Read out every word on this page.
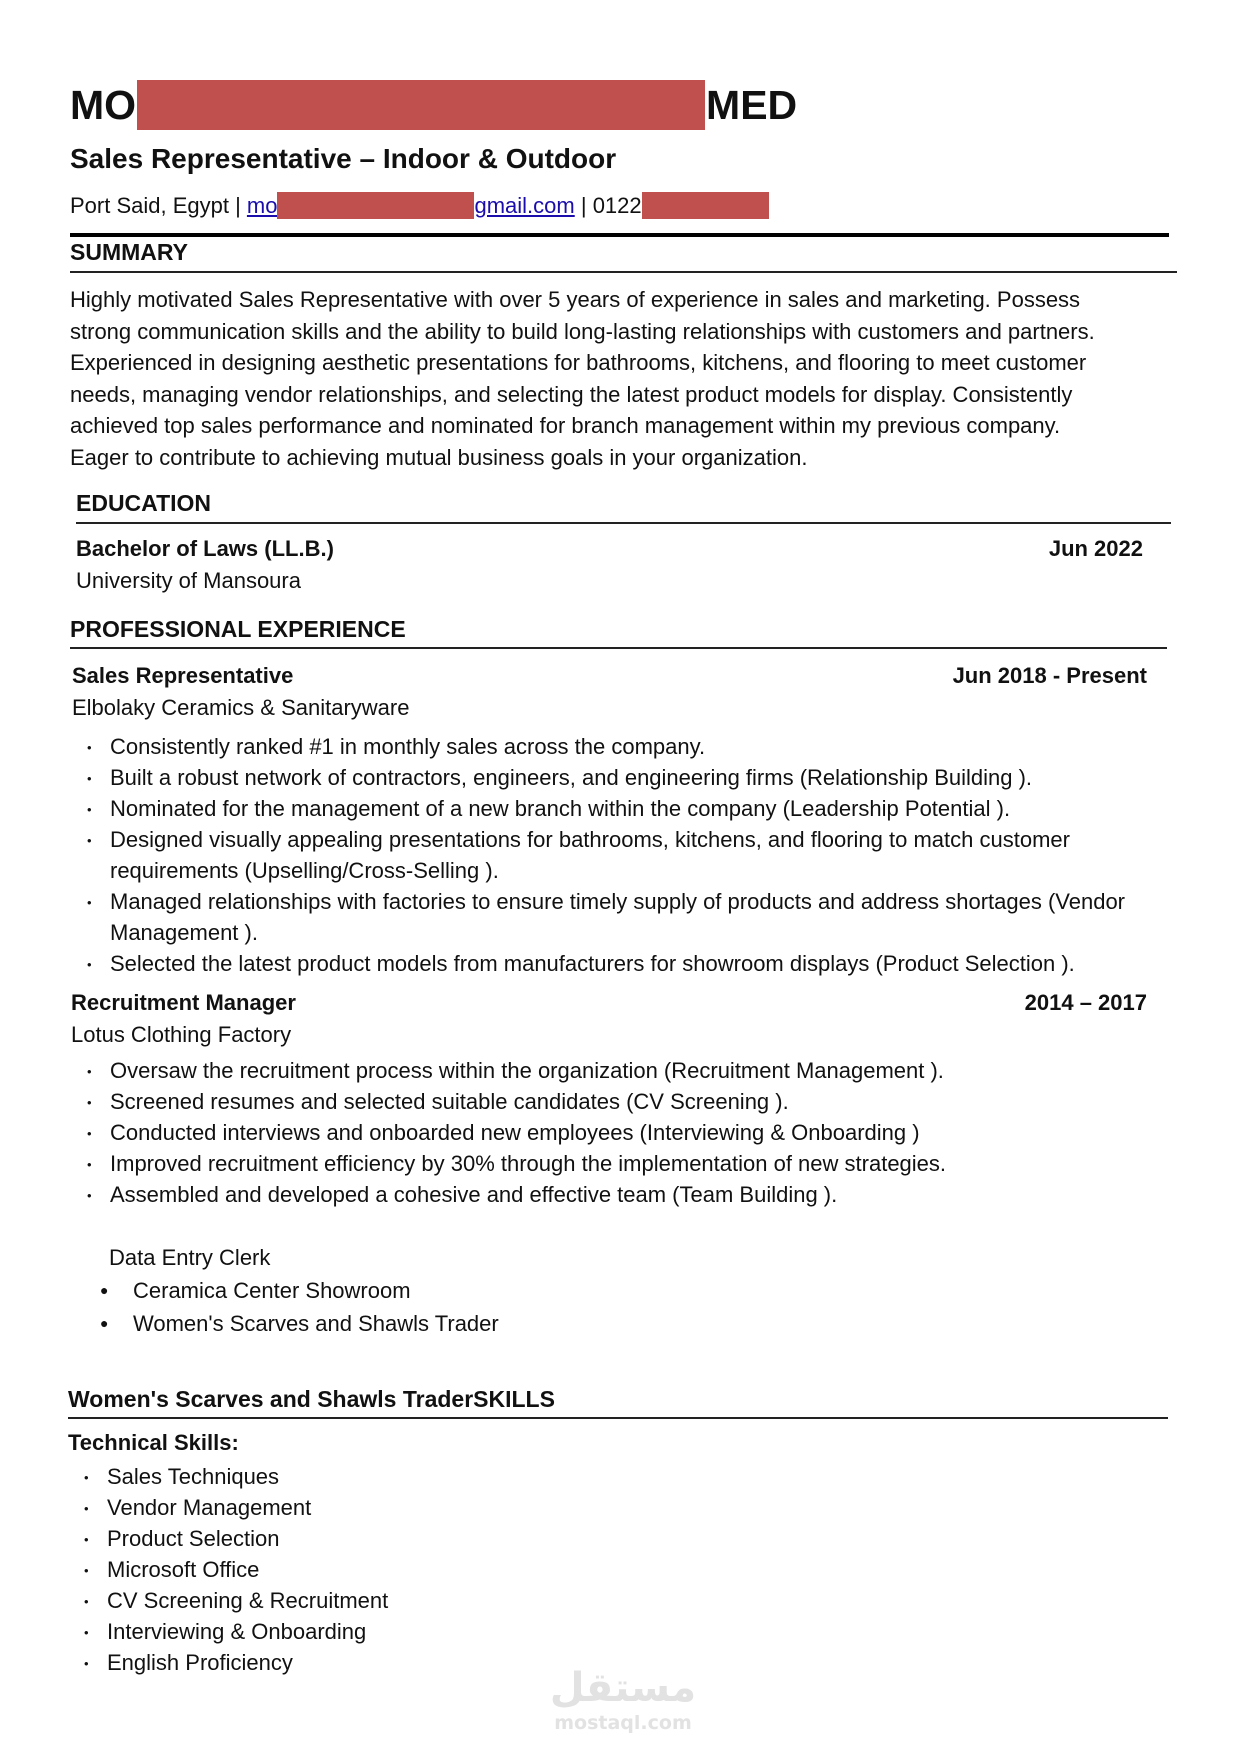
MO	MED
Sales Representative – Indoor & Outdoor
Port Said, Egypt | mo	gmail.com | 0122
SUMMARY
Highly motivated Sales Representative with over 5 years of experience in sales and marketing. Possess
strong communication skills and the ability to build long-lasting relationships with customers and partners.
Experienced in designing aesthetic presentations for bathrooms, kitchens, and flooring to meet customer
needs, managing vendor relationships, and selecting the latest product models for display. Consistently
achieved top sales performance and nominated for branch management within my previous company.
Eager to contribute to achieving mutual business goals in your organization.
EDUCATION
Bachelor of Laws (LL.B.)	Jun 2022
University of Mansoura
PROFESSIONAL EXPERIENCE
Sales Representative	Jun 2018 - Present
Elbolaky Ceramics & Sanitaryware
• Consistently ranked #1 in monthly sales across the company.
• Built a robust network of contractors, engineers, and engineering firms (Relationship Building ).
• Nominated for the management of a new branch within the company (Leadership Potential ).
• Designed visually appealing presentations for bathrooms, kitchens, and flooring to match customer
requirements (Upselling/Cross-Selling ).
• Managed relationships with factories to ensure timely supply of products and address shortages (Vendor
Management ).
• Selected the latest product models from manufacturers for showroom displays (Product Selection ).
Recruitment Manager	2014 – 2017
Lotus Clothing Factory
• Oversaw the recruitment process within the organization (Recruitment Management ).
• Screened resumes and selected suitable candidates (CV Screening ).
• Conducted interviews and onboarded new employees (Interviewing & Onboarding )
• Improved recruitment efficiency by 30% through the implementation of new strategies.
• Assembled and developed a cohesive and effective team (Team Building ).
Data Entry Clerk
● Ceramica Center Showroom
● Women's Scarves and Shawls Trader
Women's Scarves and Shawls TraderSKILLS
Technical Skills:
• Sales Techniques
• Vendor Management
• Product Selection
• Microsoft Office
• CV Screening & Recruitment
• Interviewing & Onboarding
• English Proficiency
مستقل
mostaql.com
